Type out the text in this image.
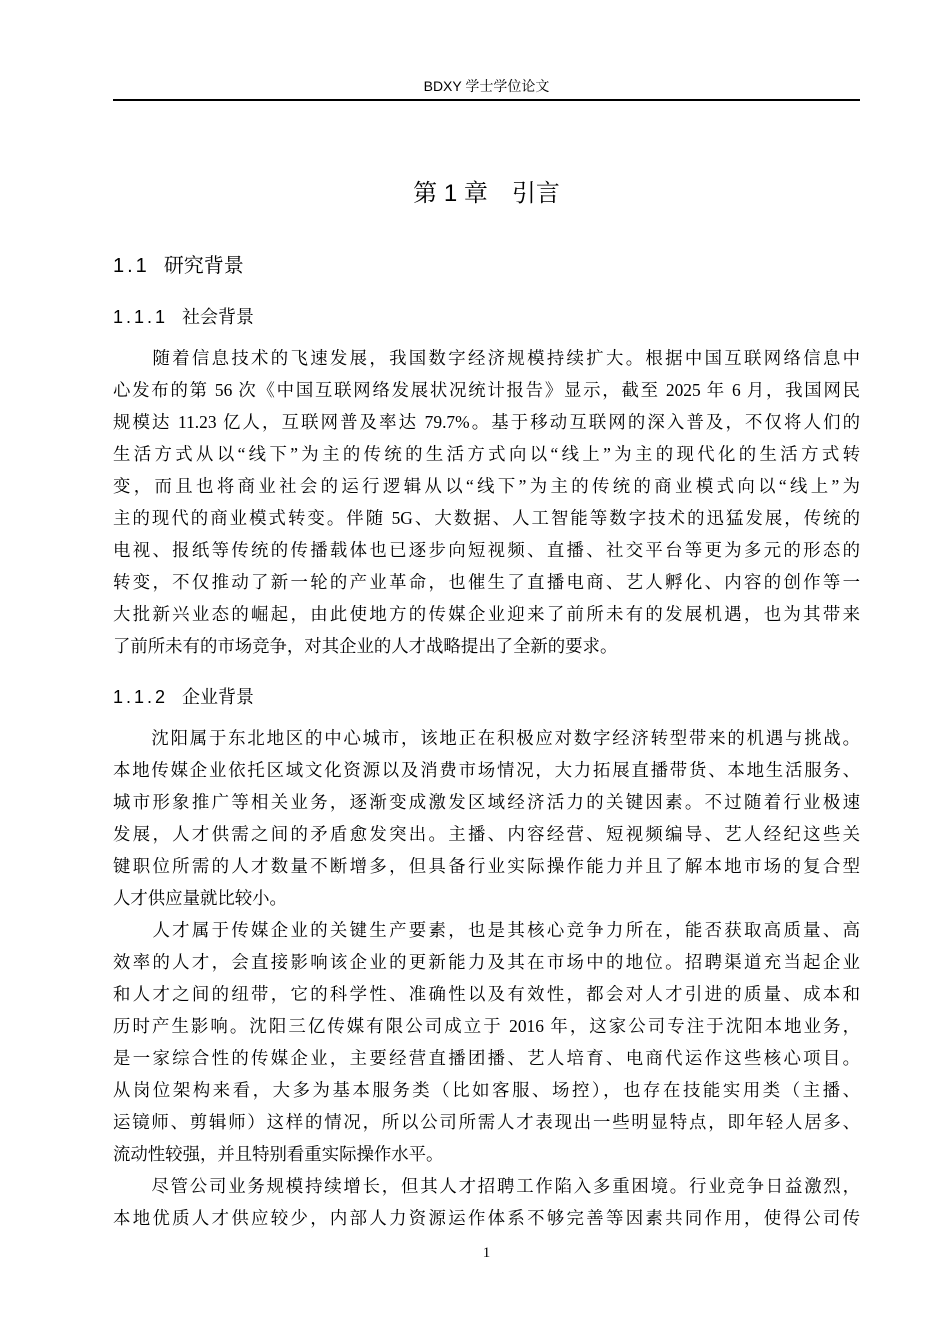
BDXY 学士学位论文
第 1 章　引言
1.1 研究背景
1.1.1 社会背景
　　随着信息技术的飞速发展，我国数字经济规模持续扩大。根据中国互联网络信息中
心发布的第 56 次《中国互联网络发展状况统计报告》显示，截至 2025 年 6 月，我国网民
规模达 11.23 亿人，互联网普及率达 79.7%。基于移动互联网的深入普及，不仅将人们的
生活方式从以“线下”为主的传统的生活方式向以“线上”为主的现代化的生活方式转
变，而且也将商业社会的运行逻辑从以“线下”为主的传统的商业模式向以“线上”为
主的现代的商业模式转变。伴随 5G、大数据、人工智能等数字技术的迅猛发展，传统的
电视、报纸等传统的传播载体也已逐步向短视频、直播、社交平台等更为多元的形态的
转变，不仅推动了新一轮的产业革命，也催生了直播电商、艺人孵化、内容的创作等一
大批新兴业态的崛起，由此使地方的传媒企业迎来了前所未有的发展机遇，也为其带来
了前所未有的市场竞争，对其企业的人才战略提出了全新的要求。
1.1.2 企业背景
　　沈阳属于东北地区的中心城市，该地正在积极应对数字经济转型带来的机遇与挑战。
本地传媒企业依托区域文化资源以及消费市场情况，大力拓展直播带货、本地生活服务、
城市形象推广等相关业务，逐渐变成激发区域经济活力的关键因素。不过随着行业极速
发展，人才供需之间的矛盾愈发突出。主播、内容经营、短视频编导、艺人经纪这些关
键职位所需的人才数量不断增多，但具备行业实际操作能力并且了解本地市场的复合型
人才供应量就比较小。
　　人才属于传媒企业的关键生产要素，也是其核心竞争力所在，能否获取高质量、高
效率的人才，会直接影响该企业的更新能力及其在市场中的地位。招聘渠道充当起企业
和人才之间的纽带，它的科学性、准确性以及有效性，都会对人才引进的质量、成本和
历时产生影响。沈阳三亿传媒有限公司成立于 2016 年，这家公司专注于沈阳本地业务，
是一家综合性的传媒企业，主要经营直播团播、艺人培育、电商代运作这些核心项目。
从岗位架构来看，大多为基本服务类（比如客服、场控），也存在技能实用类（主播、
运镜师、剪辑师）这样的情况，所以公司所需人才表现出一些明显特点，即年轻人居多、
流动性较强，并且特别看重实际操作水平。
　　尽管公司业务规模持续增长，但其人才招聘工作陷入多重困境。行业竞争日益激烈，
本地优质人才供应较少，内部人力资源运作体系不够完善等因素共同作用，使得公司传
1
